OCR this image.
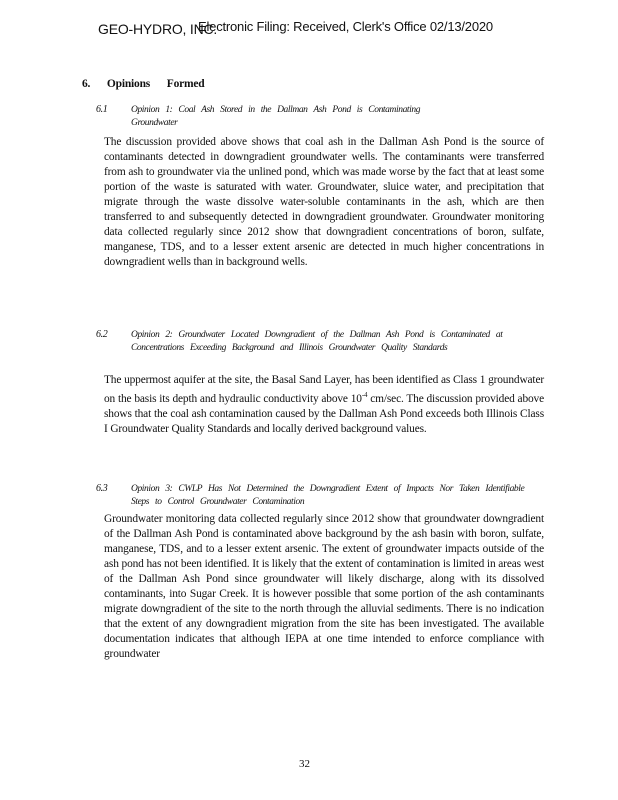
GEO-HYDRO, INC.
Electronic Filing: Received, Clerk's Office 02/13/2020
6. Opinions Formed
6.1 Opinion 1: Coal Ash Stored in the Dallman Ash Pond is Contaminating Groundwater
The discussion provided above shows that coal ash in the Dallman Ash Pond is the source of contaminants detected in downgradient groundwater wells. The contaminants were transferred from ash to groundwater via the unlined pond, which was made worse by the fact that at least some portion of the waste is saturated with water. Groundwater, sluice water, and precipitation that migrate through the waste dissolve water-soluble contaminants in the ash, which are then transferred to and subsequently detected in downgradient groundwater. Groundwater monitoring data collected regularly since 2012 show that downgradient concentrations of boron, sulfate, manganese, TDS, and to a lesser extent arsenic are detected in much higher concentrations in downgradient wells than in background wells.
6.2 Opinion 2: Groundwater Located Downgradient of the Dallman Ash Pond is Contaminated at Concentrations Exceeding Background and Illinois Groundwater Quality Standards
The uppermost aquifer at the site, the Basal Sand Layer, has been identified as Class 1 groundwater on the basis its depth and hydraulic conductivity above $10^{-4}$ cm/sec. The discussion provided above shows that the coal ash contamination caused by the Dallman Ash Pond exceeds both Illinois Class I Groundwater Quality Standards and locally derived background values.
6.3 Opinion 3: CWLP Has Not Determined the Downgradient Extent of Impacts Nor Taken Identifiable Steps to Control Groundwater Contamination
Groundwater monitoring data collected regularly since 2012 show that groundwater downgradient of the Dallman Ash Pond is contaminated above background by the ash basin with boron, sulfate, manganese, TDS, and to a lesser extent arsenic. The extent of groundwater impacts outside of the ash pond has not been identified. It is likely that the extent of contamination is limited in areas west of the Dallman Ash Pond since groundwater will likely discharge, along with its dissolved contaminants, into Sugar Creek. It is however possible that some portion of the ash contaminants migrate downgradient of the site to the north through the alluvial sediments. There is no indication that the extent of any downgradient migration from the site has been investigated. The available documentation indicates that although IEPA at one time intended to enforce compliance with groundwater
32
